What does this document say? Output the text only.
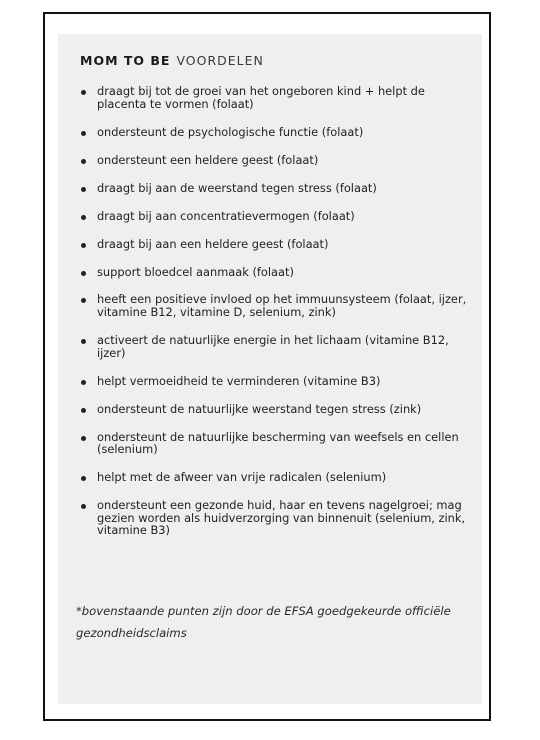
MOM TO BE VOORDELEN
draagt bij tot de groei van het ongeboren kind + helpt de placenta te vormen (folaat)
ondersteunt de psychologische functie (folaat)
ondersteunt een heldere geest (folaat)
draagt bij aan de weerstand tegen stress (folaat)
draagt bij aan concentratievermogen (folaat)
draagt bij aan een heldere geest (folaat)
support bloedcel aanmaak (folaat)
heeft een positieve invloed op het immuunsysteem (folaat, ijzer, vitamine B12, vitamine D, selenium, zink)
activeert de natuurlijke energie in het lichaam (vitamine B12, ijzer)
helpt vermoeidheid te verminderen (vitamine B3)
ondersteunt de natuurlijke weerstand tegen stress (zink)
ondersteunt de natuurlijke bescherming van weefsels en cellen (selenium)
helpt met de afweer van vrije radicalen (selenium)
ondersteunt een gezonde huid, haar en tevens nagelgroei; mag gezien worden als huidverzorging van binnenuit (selenium, zink, vitamine B3)
*bovenstaande punten zijn door de EFSA goedgekeurde officiële gezondheidsclaims
